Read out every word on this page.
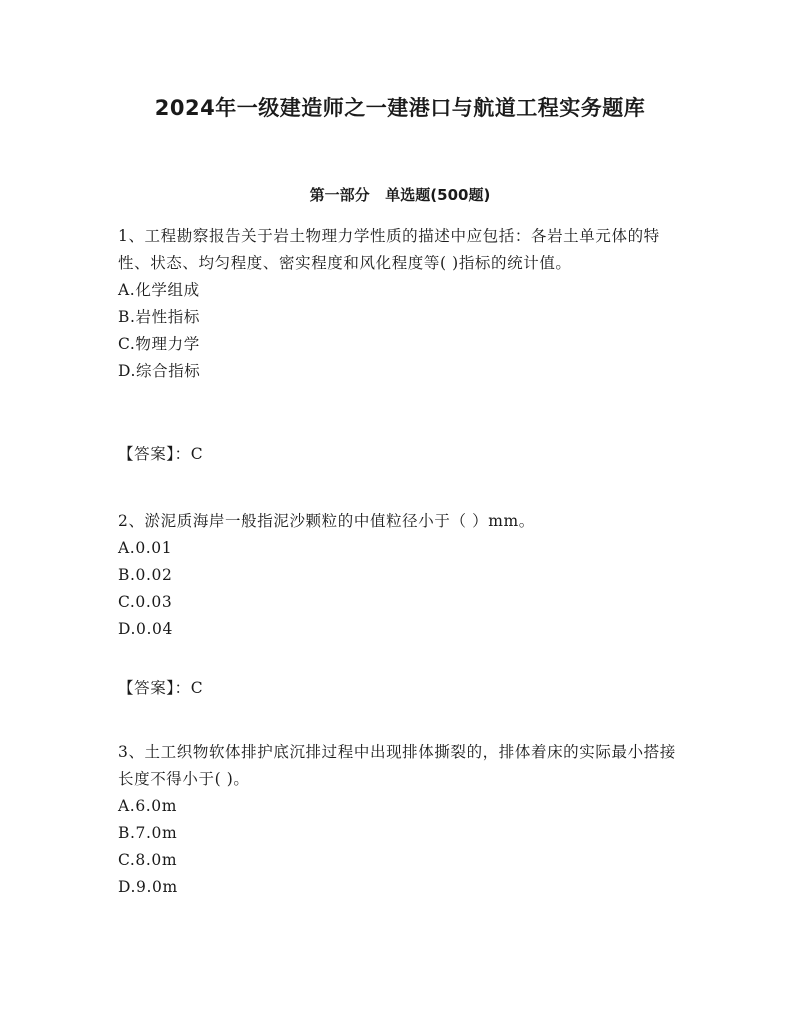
2024年一级建造师之一建港口与航道工程实务题库
第一部分   单选题(500题)

1、工程勘察报告关于岩土物理力学性质的描述中应包括：各岩土单元体的特性、状态、均匀程度、密实程度和风化程度等( )指标的统计值。

A.化学组成
B.岩性指标
C.物理力学
D.综合指标
【答案】：C

2、淤泥质海岸一般指泥沙颗粒的中值粒径小于（ ）mm。

A.0.01
B.0.02
C.0.03
D.0.04
【答案】：C

3、土工织物软体排护底沉排过程中出现排体撕裂的，排体着床的实际最小搭接长度不得小于( )。

A.6.0m
B.7.0m
C.8.0m
D.9.0m
